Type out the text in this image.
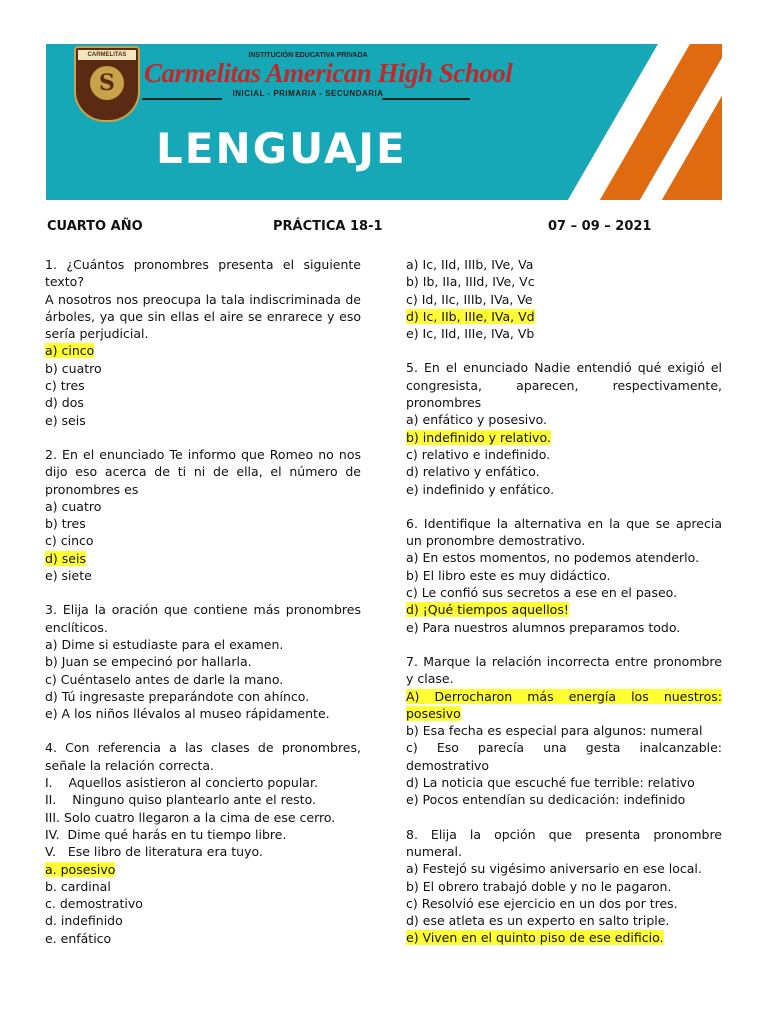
CARMELITAS
S
INSTITUCIÓN EDUCATIVA PRIVADA
Carmelitas American High School
INICIAL - PRIMARIA - SECUNDARIA
LENGUAJE
CUARTO AÑO	PRÁCTICA 18-1	07 – 09 – 2021
1. ¿Cuántos pronombres presenta el siguiente texto?
A nosotros nos preocupa la tala indiscriminada de árboles, ya que sin ellas el aire se enrarece y eso sería perjudicial.
a) cinco
b) cuatro
c) tres
d) dos
e) seis
2. En el enunciado Te informo que Romeo no nos dijo eso acerca de ti ni de ella, el número de pronombres es
a) cuatro
b) tres
c) cinco
d) seis
e) siete
3. Elija la oración que contiene más pronombres enclíticos.
a) Dime si estudiaste para el examen.
b) Juan se empecinó por hallarla.
c) Cuéntaselo antes de darle la mano.
d) Tú ingresaste preparándote con ahínco.
e) A los niños llévalos al museo rápidamente.
4. Con referencia a las clases de pronombres, señale la relación correcta.
I.    Aquellos asistieron al concierto popular.
II.    Ninguno quiso plantearlo ante el resto.
III. Solo cuatro llegaron a la cima de ese cerro.
IV.  Dime qué harás en tu tiempo libre.
V.   Ese libro de literatura era tuyo.
a. posesivo
b. cardinal
c. demostrativo
d. indefinido
e. enfático
a) Ic, IId, IIIb, IVe, Va
b) Ib, IIa, IIId, IVe, Vc
c) Id, IIc, IIIb, IVa, Ve
d) Ic, IIb, IIIe, IVa, Vd
e) Ic, IId, IIIe, IVa, Vb
5. En el enunciado Nadie entendió qué exigió el congresista, aparecen, respectivamente, pronombres
a) enfático y posesivo.
b) indefinido y relativo.
c) relativo e indefinido.
d) relativo y enfático.
e) indefinido y enfático.
6. Identifique la alternativa en la que se aprecia un pronombre demostrativo.
a) En estos momentos, no podemos atenderlo.
b) El libro este es muy didáctico.
c) Le confió sus secretos a ese en el paseo.
d) ¡Qué tiempos aquellos!
e) Para nuestros alumnos preparamos todo.
7. Marque la relación incorrecta entre pronombre y clase.
A) Derrocharon más energía los nuestros: posesivo
b) Esa fecha es especial para algunos: numeral
c) Eso parecía una gesta inalcanzable: demostrativo
d) La noticia que escuché fue terrible: relativo
e) Pocos entendían su dedicación: indefinido
8. Elija la opción que presenta pronombre numeral.
a) Festejó su vigésimo aniversario en ese local.
b) El obrero trabajó doble y no le pagaron.
c) Resolvió ese ejercicio en un dos por tres.
d) ese atleta es un experto en salto triple.
e) Viven en el quinto piso de ese edificio.
